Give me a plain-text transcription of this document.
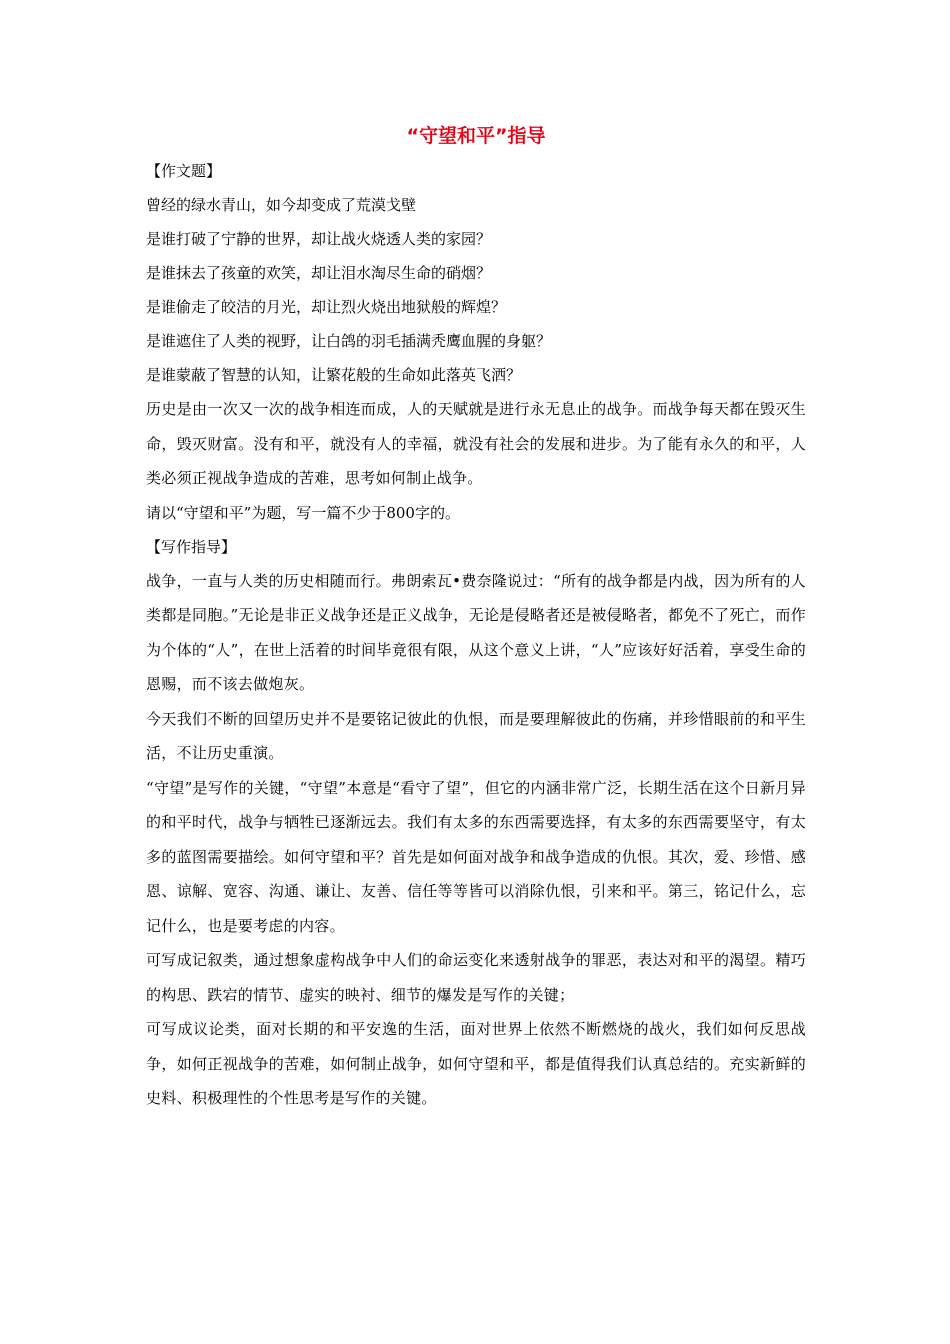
“守望和平”指导

【作文题】

曾经的绿水青山，如今却变成了荒漠戈壁

是谁打破了宁静的世界，却让战火烧透人类的家园？

是谁抹去了孩童的欢笑，却让泪水淘尽生命的硝烟？

是谁偷走了皎洁的月光，却让烈火烧出地狱般的辉煌？

是谁遮住了人类的视野，让白鸽的羽毛插满秃鹰血腥的身躯？

是谁蒙蔽了智慧的认知，让繁花般的生命如此落英飞洒？

历史是由一次又一次的战争相连而成，人的天赋就是进行永无息止的战争。而战争每天都在毁灭生命，毁灭财富。没有和平，就没有人的幸福，就没有社会的发展和进步。为了能有永久的和平，人类必须正视战争造成的苦难，思考如何制止战争。

请以“守望和平”为题，写一篇不少于800字的。

【写作指导】

战争，一直与人类的历史相随而行。弗朗索瓦•费奈隆说过：“所有的战争都是内战，因为所有的人类都是同胞。”无论是非正义战争还是正义战争，无论是侵略者还是被侵略者，都免不了死亡，而作为个体的“人”，在世上活着的时间毕竟很有限，从这个意义上讲，“人”应该好好活着，享受生命的恩赐，而不该去做炮灰。

今天我们不断的回望历史并不是要铭记彼此的仇恨，而是要理解彼此的伤痛，并珍惜眼前的和平生活，不让历史重演。

“守望”是写作的关键，“守望”本意是“看守了望”，但它的内涵非常广泛，长期生活在这个日新月异的和平时代，战争与牺牲已逐渐远去。我们有太多的东西需要选择，有太多的东西需要坚守，有太多的蓝图需要描绘。如何守望和平？首先是如何面对战争和战争造成的仇恨。其次，爱、珍惜、感恩、谅解、宽容、沟通、谦让、友善、信任等等皆可以消除仇恨，引来和平。第三，铭记什么，忘记什么，也是要考虑的内容。

可写成记叙类，通过想象虚构战争中人们的命运变化来透射战争的罪恶，表达对和平的渴望。精巧的构思、跌宕的情节、虚实的映衬、细节的爆发是写作的关键；

可写成议论类，面对长期的和平安逸的生活，面对世界上依然不断燃烧的战火，我们如何反思战争，如何正视战争的苦难，如何制止战争，如何守望和平，都是值得我们认真总结的。充实新鲜的史料、积极理性的个性思考是写作的关键。
